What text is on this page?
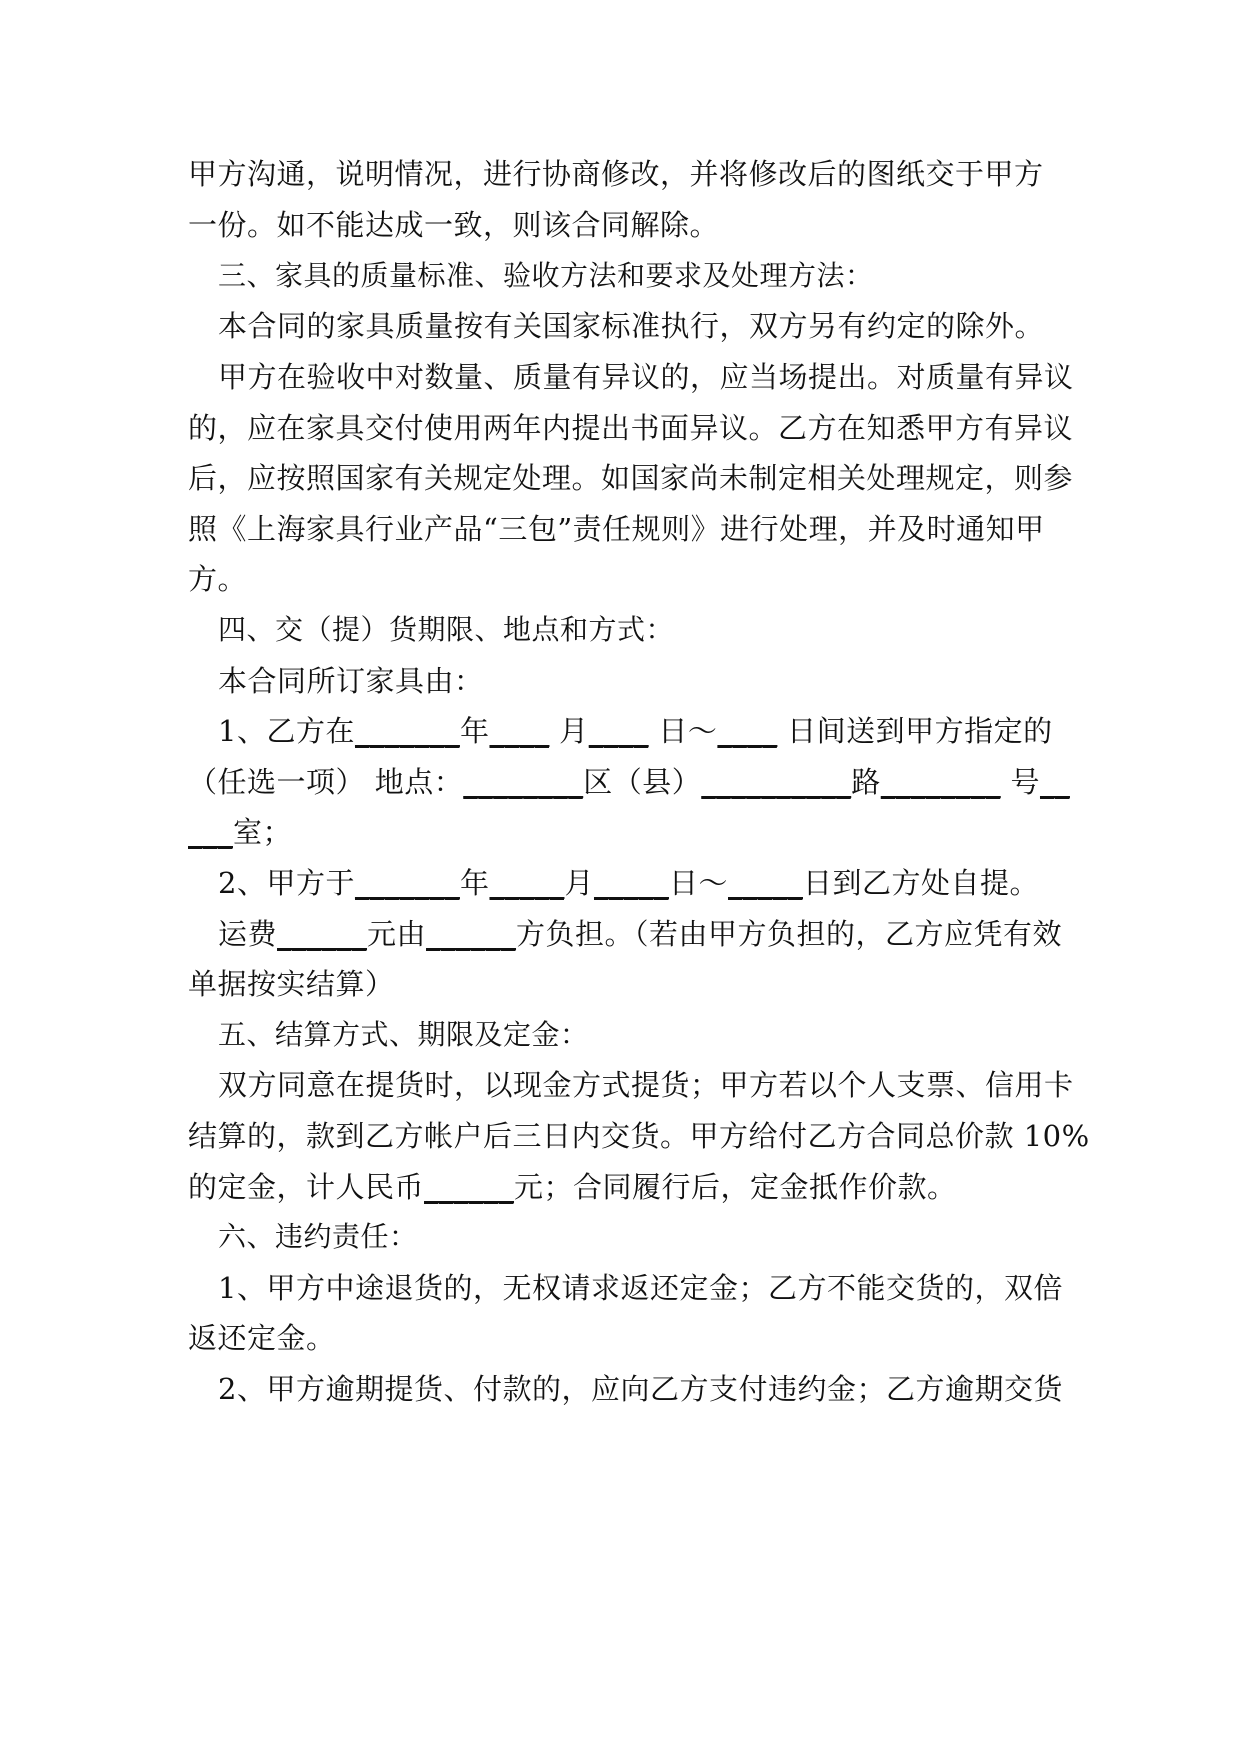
甲方沟通，说明情况，进行协商修改，并将修改后的图纸交于甲方
一份。如不能达成一致，则该合同解除。
三、家具的质量标准、验收方法和要求及处理方法：
本合同的家具质量按有关国家标准执行，双方另有约定的除外。
甲方在验收中对数量、质量有异议的，应当场提出。对质量有异议
的，应在家具交付使用两年内提出书面异议。乙方在知悉甲方有异议
后，应按照国家有关规定处理。如国家尚未制定相关处理规定，则参
照《上海家具行业产品“三包”责任规则》进行处理，并及时通知甲
方。
四、交（提）货期限、地点和方式：
本合同所订家具由：
1、乙方在_______年____ 月____ 日～____ 日间送到甲方指定的
（任选一项） 地点：________区（县）__________路________ 号__
___室；
2、甲方于_______年_____月_____日～_____日到乙方处自提。
运费______元由______方负担。（若由甲方负担的，乙方应凭有效
单据按实结算）
五、结算方式、期限及定金：
双方同意在提货时，以现金方式提货；甲方若以个人支票、信用卡
结算的，款到乙方帐户后三日内交货。甲方给付乙方合同总价款 10%
的定金，计人民币______元；合同履行后，定金抵作价款。
六、违约责任：
1、甲方中途退货的，无权请求返还定金；乙方不能交货的，双倍
返还定金。
2、甲方逾期提货、付款的，应向乙方支付违约金；乙方逾期交货
